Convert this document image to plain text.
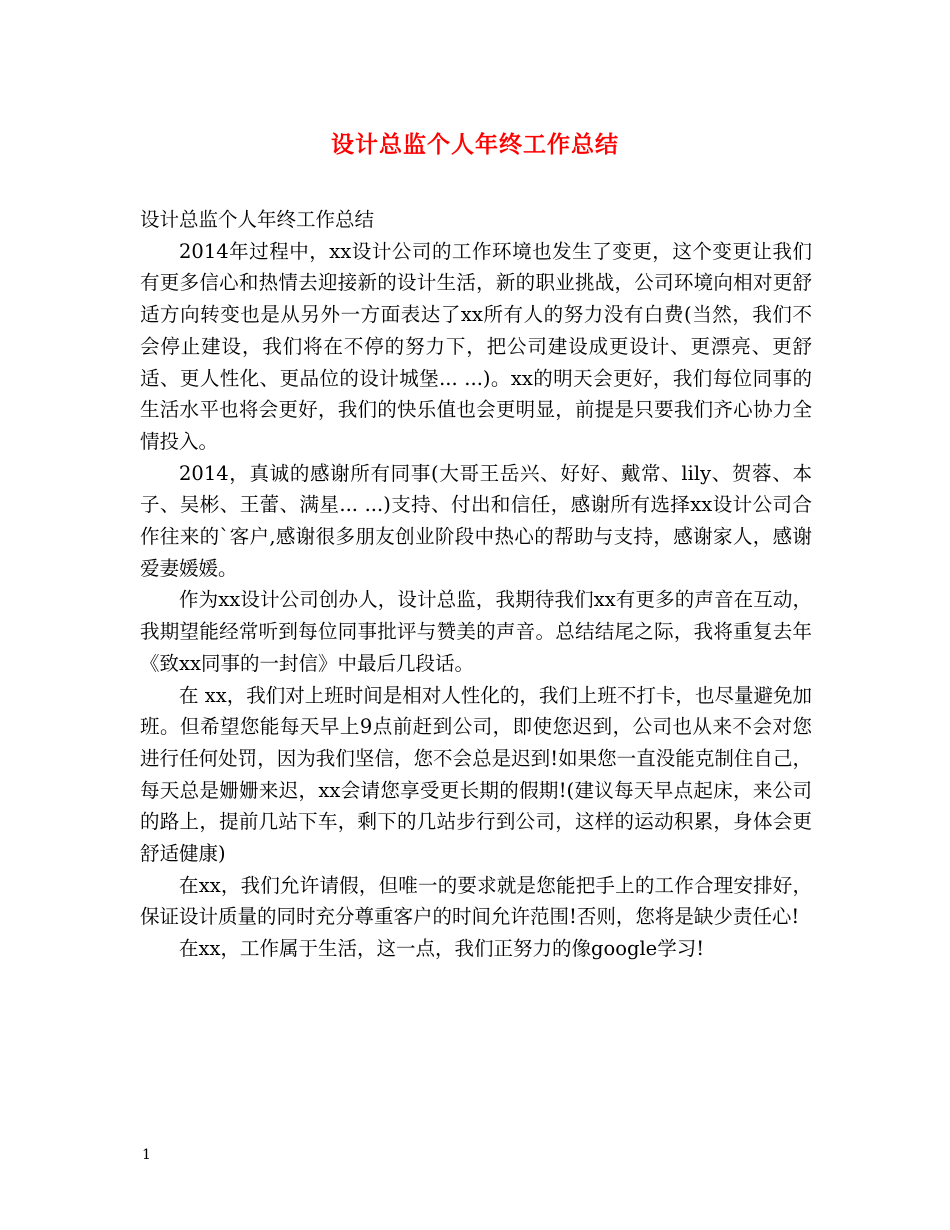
设计总监个人年终工作总结

设计总监个人年终工作总结

2014年过程中，xx设计公司的工作环境也发生了变更，这个变更让我们有更多信心和热情去迎接新的设计生活，新的职业挑战，公司环境向相对更舒适方向转变也是从另外一方面表达了xx所有人的努力没有白费(当然，我们不会停止建设，我们将在不停的努力下，把公司建设成更设计、更漂亮、更舒适、更人性化、更品位的设计城堡... ...)。xx的明天会更好，我们每位同事的生活水平也将会更好，我们的快乐值也会更明显，前提是只要我们齐心协力全情投入。

2014，真诚的感谢所有同事(大哥王岳兴、好好、戴常、lily、贺蓉、本子、吴彬、王蕾、满星... ...)支持、付出和信任，感谢所有选择xx设计公司合作往来的`客户,感谢很多朋友创业阶段中热心的帮助与支持，感谢家人，感谢爱妻媛媛。

作为xx设计公司创办人，设计总监，我期待我们xx有更多的声音在互动，我期望能经常听到每位同事批评与赞美的声音。总结结尾之际，我将重复去年《致xx同事的一封信》中最后几段话。

在 xx，我们对上班时间是相对人性化的，我们上班不打卡，也尽量避免加班。但希望您能每天早上9点前赶到公司，即使您迟到，公司也从来不会对您进行任何处罚，因为我们坚信，您不会总是迟到!如果您一直没能克制住自己，每天总是姗姗来迟，xx会请您享受更长期的假期!(建议每天早点起床，来公司的路上，提前几站下车，剩下的几站步行到公司，这样的运动积累，身体会更舒适健康)

在xx，我们允许请假，但唯一的要求就是您能把手上的工作合理安排好，保证设计质量的同时充分尊重客户的时间允许范围!否则，您将是缺少责任心!

在xx，工作属于生活，这一点，我们正努力的像google学习!

1
